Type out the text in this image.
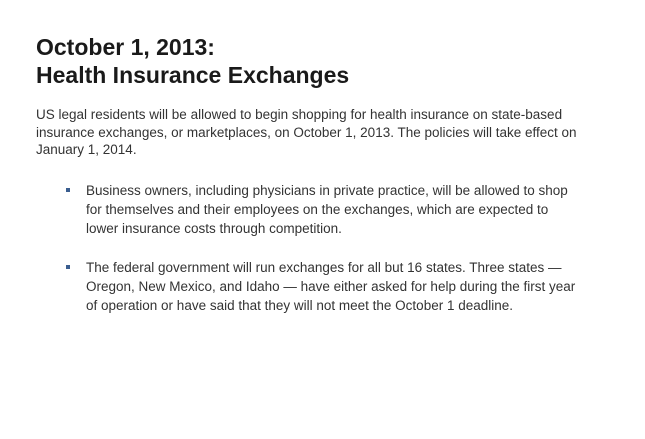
October 1, 2013:
Health Insurance Exchanges

US legal residents will be allowed to begin shopping for health insurance on state-based
insurance exchanges, or marketplaces, on October 1, 2013. The policies will take effect on
January 1, 2014.

Business owners, including physicians in private practice, will be allowed to shop
for themselves and their employees on the exchanges, which are expected to
lower insurance costs through competition.
The federal government will run exchanges for all but 16 states. Three states —
Oregon, New Mexico, and Idaho — have either asked for help during the first year
of operation or have said that they will not meet the October 1 deadline.
